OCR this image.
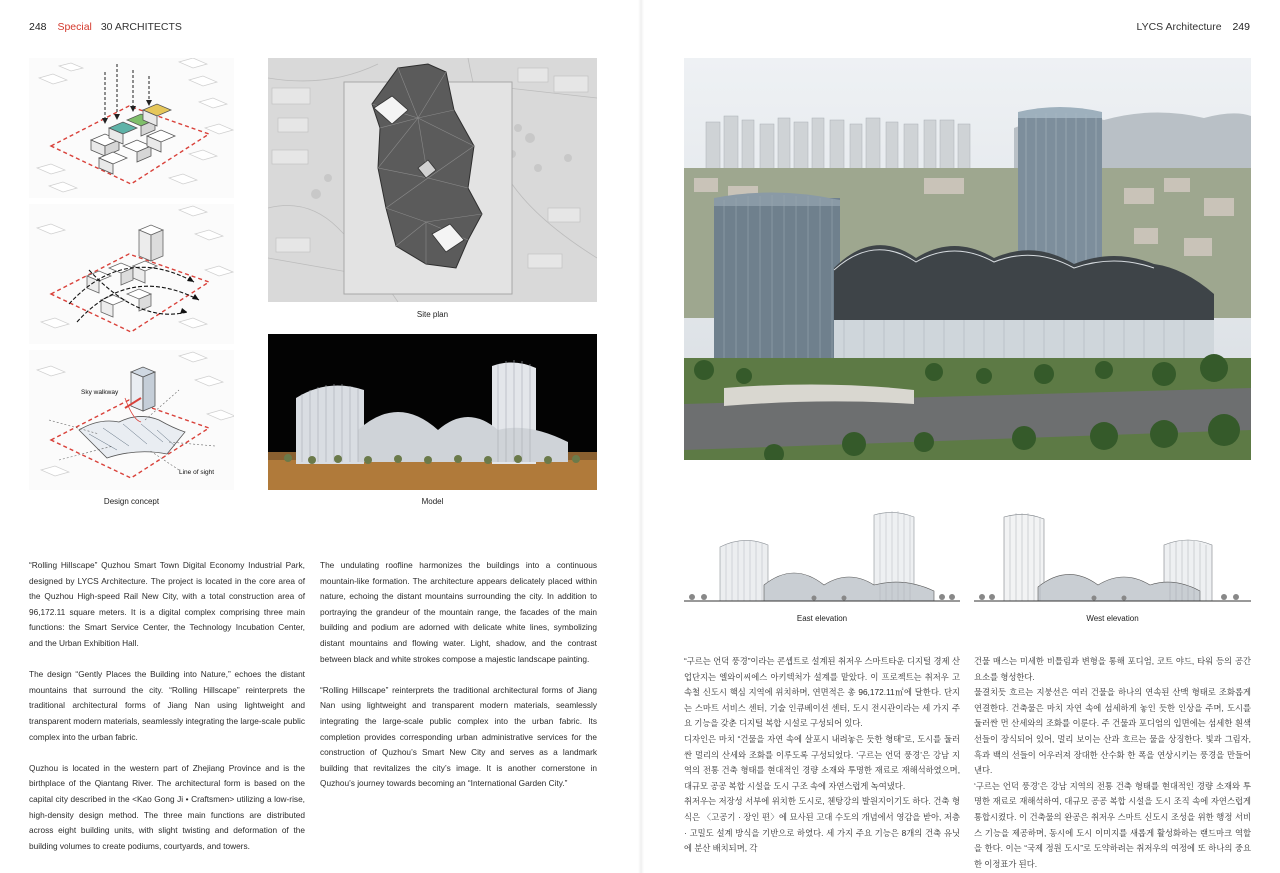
248 Special 30 ARCHITECTS	LYCS Architecture 249
Sky walkway
Line of sight
Design concept
Site plan
Model

“Rolling Hillscape” Quzhou Smart Town Digital Economy Industrial Park, designed by LYCS Architecture. The project is located in the core area of the Quzhou High-speed Rail New City, with a total construction area of 96,172.11 square meters. It is a digital complex comprising three main functions: the Smart Service Center, the Technology Incubation Center, and the Urban Exhibition Hall.

The design “Gently Places the Building into Nature,” echoes the distant mountains that surround the city. “Rolling Hillscape” reinterprets the traditional architectural forms of Jiang Nan using lightweight and transparent modern materials, seamlessly integrating the large-scale public complex into the urban fabric.

Quzhou is located in the western part of Zhejiang Province and is the birthplace of the Qiantang River. The architectural form is based on the capital city described in the <Kao Gong Ji • Craftsmen> utilizing a low-rise, high-density design method. The three main functions are distributed across eight building units, with slight twisting and deformation of the building volumes to create podiums, courtyards, and towers.

The undulating roofline harmonizes the buildings into a continuous mountain-like formation. The architecture appears delicately placed within nature, echoing the distant mountains surrounding the city. In addition to portraying the grandeur of the mountain range, the facades of the main building and podium are adorned with delicate white lines, symbolizing distant mountains and flowing water. Light, shadow, and the contrast between black and white strokes compose a majestic landscape painting.

“Rolling Hillscape” reinterprets the traditional architectural forms of Jiang Nan using lightweight and transparent modern materials, seamlessly integrating the large-scale public complex into the urban fabric. Its completion provides corresponding urban administrative services for the construction of Quzhou’s Smart New City and serves as a landmark building that revitalizes the city’s image. It is another cornerstone in Quzhou’s journey towards becoming an “International Garden City.”

East elevation	West elevation

“구르는 언덕 풍경”이라는 콘셉트로 설계된 취저우 스마트타운 디지털 경제 산업단지는 엘와이씨에스 아키텍처가 설계를 맡았다. 이 프로젝트는 취저우 고속철 신도시 핵심 지역에 위치하며, 연면적은 총 96,172.11㎡에 달한다. 단지는 스마트 서비스 센터, 기술 인큐베이션 센터, 도시 전시관이라는 세 가지 주요 기능을 갖춘 디지털 복합 시설로 구성되어 있다.

디자인은 마치 “건물을 자연 속에 살포시 내려놓은 듯한 형태”로, 도시를 둘러싼 멀리의 산세와 조화를 이루도록 구성되었다. ‘구르는 언덕 풍경’은 강남 지역의 전통 건축 형태를 현대적인 경량 소재와 투명한 재료로 재해석하였으며, 대규모 공공 복합 시설을 도시 구조 속에 자연스럽게 녹여냈다.

취저우는 저장성 서부에 위치한 도시로, 첸탕강의 발원지이기도 하다. 건축 형식은 〈고공기 · 장인 편〉에 묘사된 고대 수도의 개념에서 영감을 받아, 저층 · 고밀도 설계 방식을 기반으로 하였다. 세 가지 주요 기능은 8개의 건축 유닛에 분산 배치되며, 각

건물 매스는 미세한 비틀림과 변형을 통해 포디엄, 코트 야드, 타워 등의 공간 요소를 형성한다.

물결치듯 흐르는 지붕선은 여러 건물을 하나의 연속된 산맥 형태로 조화롭게 연결한다. 건축물은 마치 자연 속에 섬세하게 놓인 듯한 인상을 주며, 도시를 둘러싼 먼 산세와의 조화를 이룬다. 주 건물과 포디엄의 입면에는 섬세한 흰색 선들이 장식되어 있어, 멀리 보이는 산과 흐르는 물을 상징한다. 빛과 그림자, 흑과 백의 선들이 어우러져 장대한 산수화 한 폭을 연상시키는 풍경을 만들어낸다.

‘구르는 언덕 풍경’은 강남 지역의 전통 건축 형태를 현대적인 경량 소재와 투명한 재료로 재해석하여, 대규모 공공 복합 시설을 도시 조직 속에 자연스럽게 통합시켰다. 이 건축물의 완공은 취저우 스마트 신도시 조성을 위한 행정 서비스 기능을 제공하며, 동시에 도시 이미지를 새롭게 활성화하는 랜드마크 역할을 한다. 이는 “국제 정원 도시”로 도약하려는 취저우의 여정에 또 하나의 중요한 이정표가 된다.
